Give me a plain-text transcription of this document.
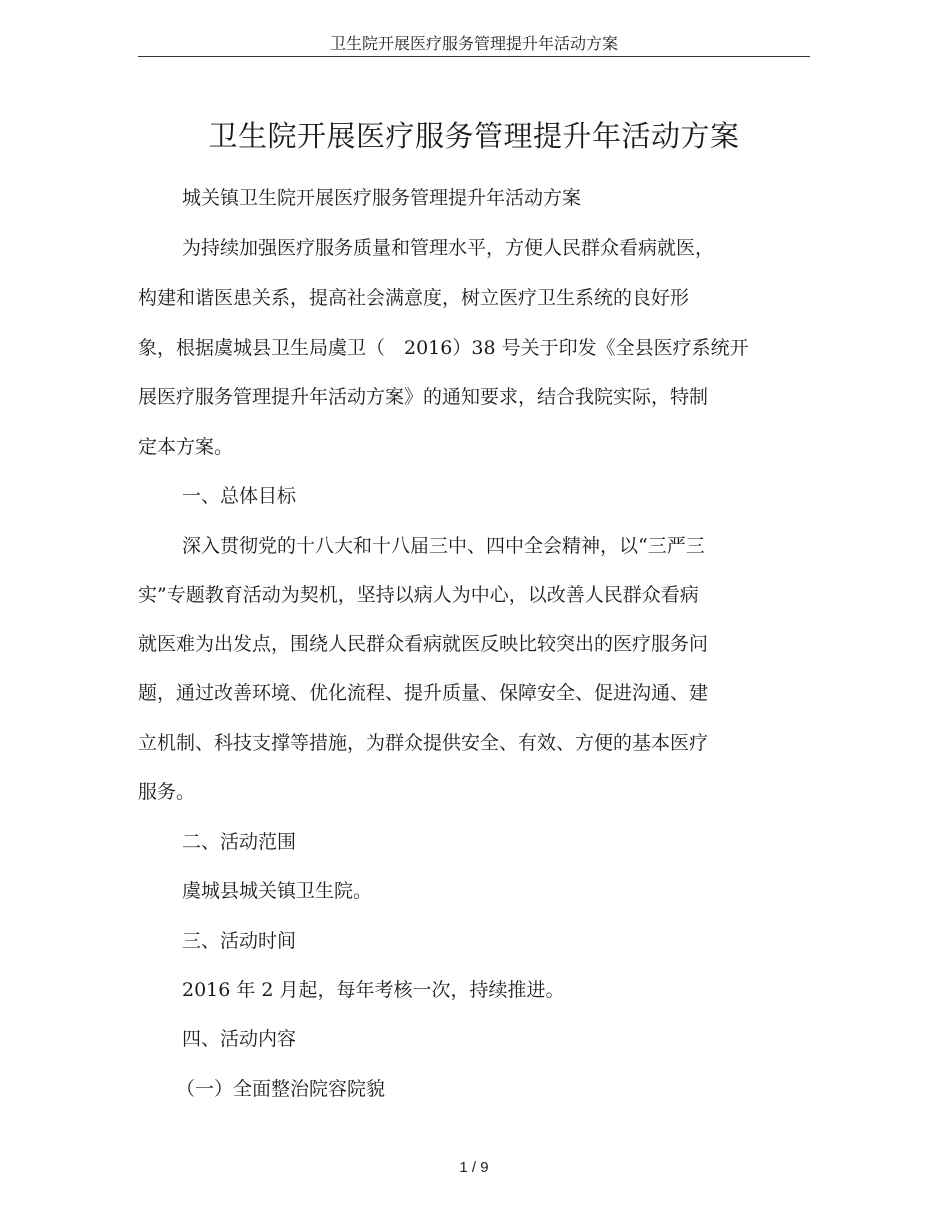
卫生院开展医疗服务管理提升年活动方案
卫生院开展医疗服务管理提升年活动方案

城关镇卫生院开展医疗服务管理提升年活动方案

为持续加强医疗服务质量和管理水平，方便人民群众看病就医，

构建和谐医患关系，提高社会满意度，树立医疗卫生系统的良好形

象，根据虞城县卫生局虞卫（　2016）38 号关于印发《全县医疗系统开

展医疗服务管理提升年活动方案》的通知要求，结合我院实际，特制

定本方案。

一、总体目标

深入贯彻党的十八大和十八届三中、四中全会精神，以“三严三

实”专题教育活动为契机，坚持以病人为中心，以改善人民群众看病

就医难为出发点，围绕人民群众看病就医反映比较突出的医疗服务问

题，通过改善环境、优化流程、提升质量、保障安全、促进沟通、建

立机制、科技支撑等措施，为群众提供安全、有效、方便的基本医疗

服务。

二、活动范围

虞城县城关镇卫生院。

三、活动时间

2016 年 2 月起，每年考核一次，持续推进。

四、活动内容

（一）全面整治院容院貌

1 / 9
